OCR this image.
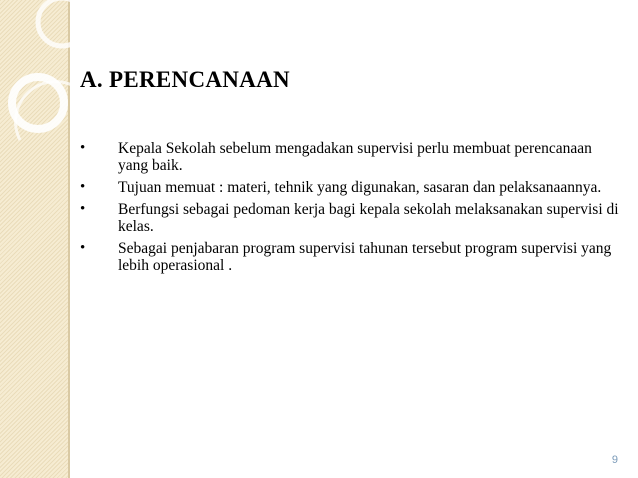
A. PERENCANAAN
• Kepala Sekolah sebelum mengadakan supervisi perlu membuat perencanaan yang baik.
• Tujuan memuat : materi, tehnik yang digunakan, sasaran dan pelaksanaannya.
• Berfungsi sebagai pedoman kerja bagi kepala sekolah melaksanakan supervisi di kelas.
• Sebagai penjabaran program supervisi tahunan tersebut program supervisi yang lebih operasional .
9
